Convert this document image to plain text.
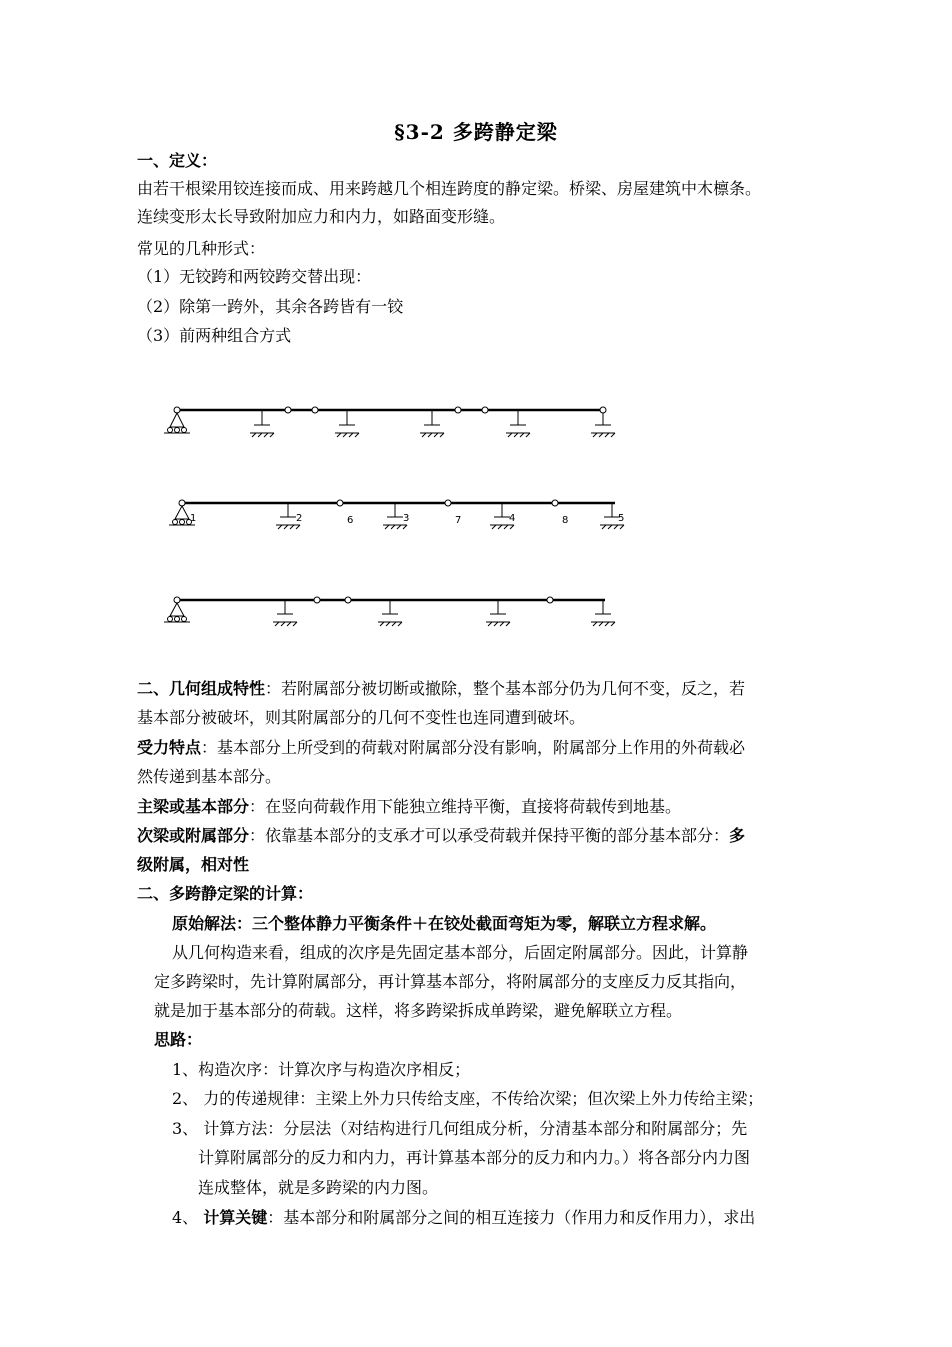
§3-2 多跨静定梁
一、定义：
由若干根梁用铰连接而成、用来跨越几个相连跨度的静定梁。桥梁、房屋建筑中木檩条。
连续变形太长导致附加应力和内力，如路面变形缝。
常见的几种形式：
（1）无铰跨和两铰跨交替出现：
（2）除第一跨外，其余各跨皆有一铰
（3）前两种组合方式
1	2	6	3	7	4	8	5
二、几何组成特性：若附属部分被切断或撤除，整个基本部分仍为几何不变，反之，若
基本部分被破坏，则其附属部分的几何不变性也连同遭到破坏。
受力特点：基本部分上所受到的荷载对附属部分没有影响，附属部分上作用的外荷载必
然传递到基本部分。
主梁或基本部分：在竖向荷载作用下能独立维持平衡，直接将荷载传到地基。
次梁或附属部分：依靠基本部分的支承才可以承受荷载并保持平衡的部分基本部分：多
级附属，相对性
二、多跨静定梁的计算：
原始解法：三个整体静力平衡条件＋在铰处截面弯矩为零，解联立方程求解。
从几何构造来看，组成的次序是先固定基本部分，后固定附属部分。因此，计算静
定多跨梁时，先计算附属部分，再计算基本部分，将附属部分的支座反力反其指向，
就是加于基本部分的荷载。这样，将多跨梁拆成单跨梁，避免解联立方程。
思路：
1、构造次序：计算次序与构造次序相反；
2、 力的传递规律：主梁上外力只传给支座，不传给次梁；但次梁上外力传给主梁；
3、 计算方法：分层法（对结构进行几何组成分析，分清基本部分和附属部分；先
计算附属部分的反力和内力，再计算基本部分的反力和内力。）将各部分内力图
连成整体，就是多跨梁的内力图。
4、 计算关键：基本部分和附属部分之间的相互连接力（作用力和反作用力），求出
